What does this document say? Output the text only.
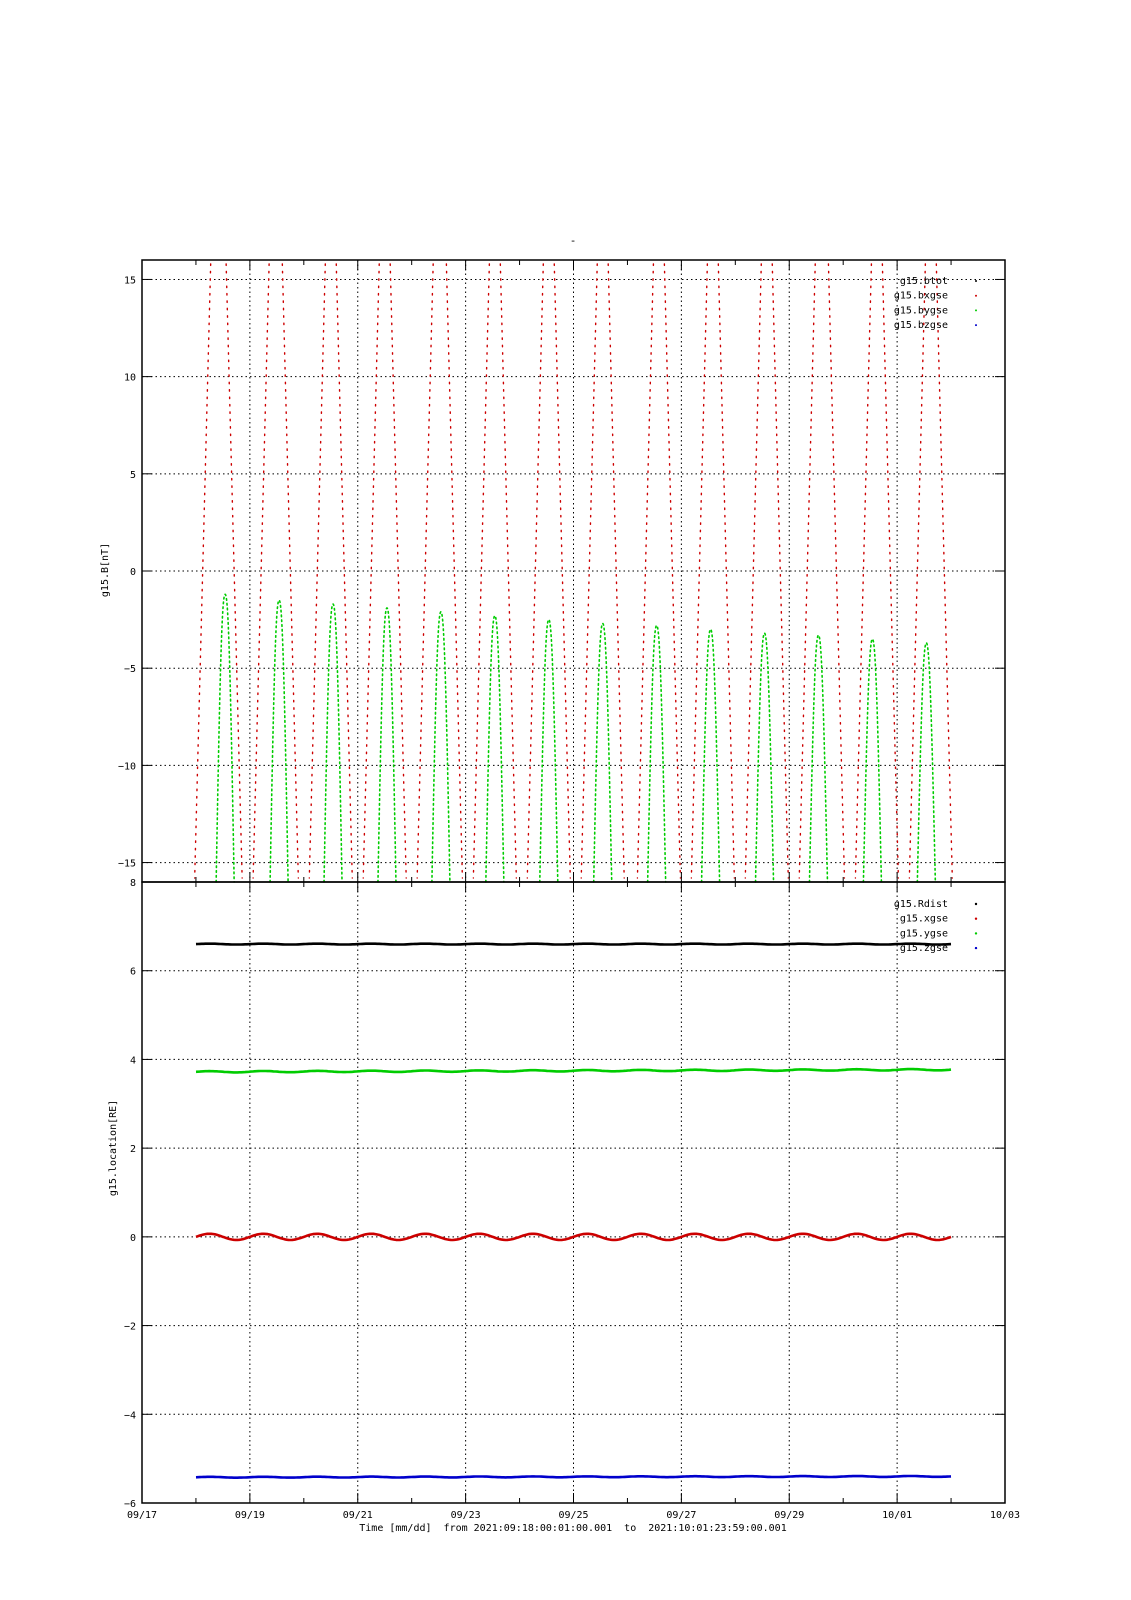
-
15
10
5
0
−5
−10
−15
g15.btot
g15.bxgse
g15.bygse
g15.bzgse
g15.B[nT]
8
6
4
2
0
−2
−4
−6
09/17	09/19	09/21	09/23	09/25	09/27	09/29	10/01	10/03
g15.Rdist
g15.xgse
g15.ygse
g15.zgse
g15.location[RE]
Time [mm/dd]  from 2021:09:18:00:01:00.001  to  2021:10:01:23:59:00.001
